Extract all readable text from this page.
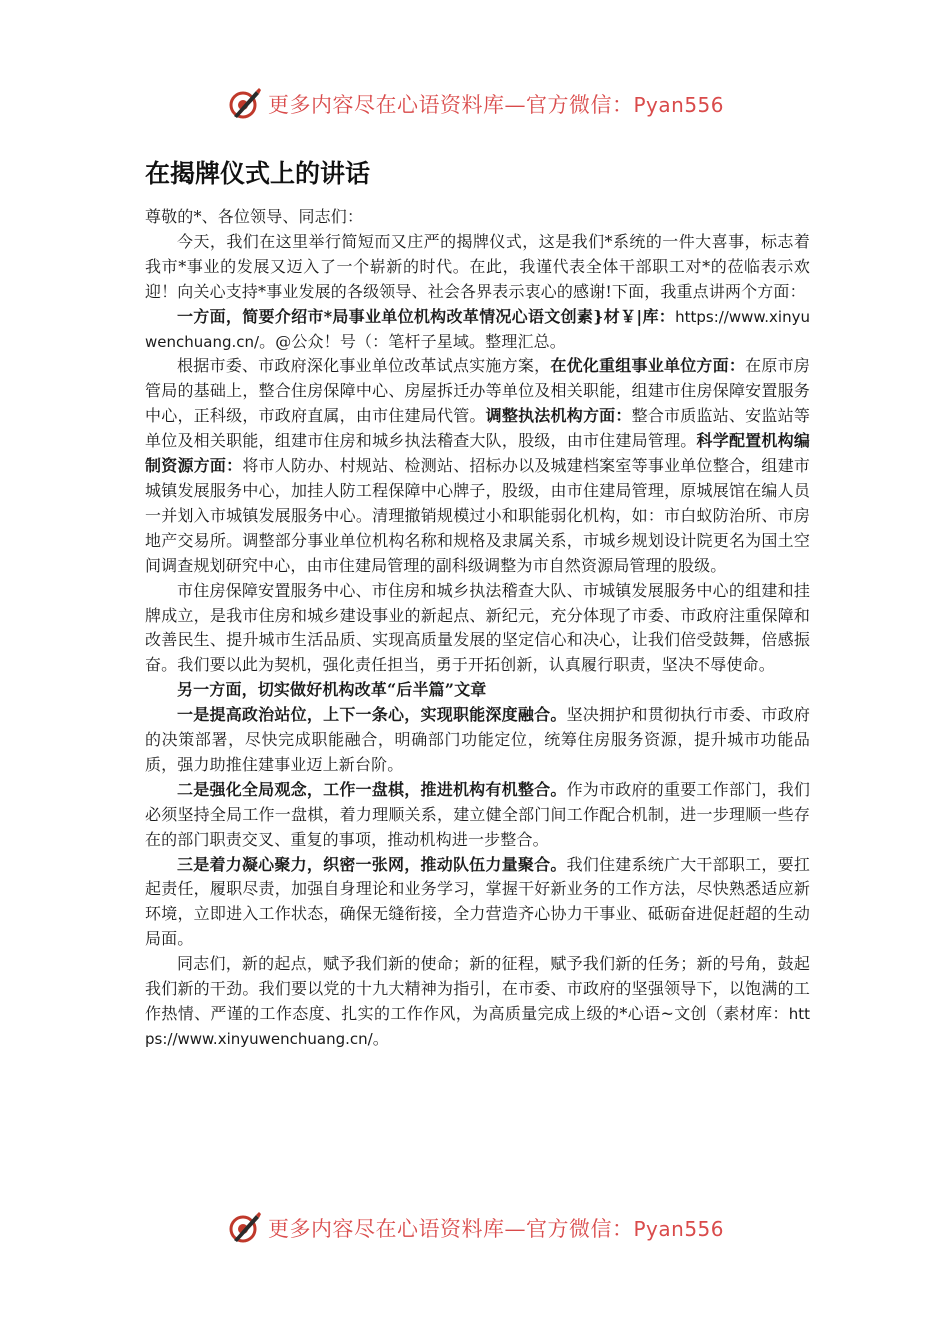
更多内容尽在心语资料库—官方微信：Pyan556
在揭牌仪式上的讲话

尊敬的*、各位领导、同志们：

今天，我们在这里举行简短而又庄严的揭牌仪式，这是我们*系统的一件大喜事，标志着我市*事业的发展又迈入了一个崭新的时代。在此，我谨代表全体干部职工对*的莅临表示欢迎！向关心支持*事业发展的各级领导、社会各界表示衷心的感谢!下面，我重点讲两个方面：

一方面，简要介绍市*局事业单位机构改革情况心语文创素}材￥|库：https://www.xinyuwenchuang.cn/。@公众！号（：笔杆子星域。整理汇总。

根据市委、市政府深化事业单位改革试点实施方案，在优化重组事业单位方面：在原市房管局的基础上，整合住房保障中心、房屋拆迁办等单位及相关职能，组建市住房保障安置服务中心，正科级，市政府直属，由市住建局代管。调整执法机构方面：整合市质监站、安监站等单位及相关职能，组建市住房和城乡执法稽查大队，股级，由市住建局管理。科学配置机构编制资源方面：将市人防办、村规站、检测站、招标办以及城建档案室等事业单位整合，组建市城镇发展服务中心，加挂人防工程保障中心牌子，股级，由市住建局管理，原城展馆在编人员一并划入市城镇发展服务中心。清理撤销规模过小和职能弱化机构，如：市白蚁防治所、市房地产交易所。调整部分事业单位机构名称和规格及隶属关系，市城乡规划设计院更名为国土空间调查规划研究中心，由市住建局管理的副科级调整为市自然资源局管理的股级。

市住房保障安置服务中心、市住房和城乡执法稽查大队、市城镇发展服务中心的组建和挂牌成立，是我市住房和城乡建设事业的新起点、新纪元，充分体现了市委、市政府注重保障和改善民生、提升城市生活品质、实现高质量发展的坚定信心和决心，让我们倍受鼓舞，倍感振奋。我们要以此为契机，强化责任担当，勇于开拓创新，认真履行职责，坚决不辱使命。

另一方面，切实做好机构改革“后半篇”文章

一是提高政治站位，上下一条心，实现职能深度融合。坚决拥护和贯彻执行市委、市政府的决策部署，尽快完成职能融合，明确部门功能定位，统筹住房服务资源，提升城市功能品质，强力助推住建事业迈上新台阶。

二是强化全局观念，工作一盘棋，推进机构有机整合。作为市政府的重要工作部门，我们必须坚持全局工作一盘棋，着力理顺关系，建立健全部门间工作配合机制，进一步理顺一些存在的部门职责交叉、重复的事项，推动机构进一步整合。

三是着力凝心聚力，织密一张网，推动队伍力量聚合。我们住建系统广大干部职工，要扛起责任，履职尽责，加强自身理论和业务学习，掌握干好新业务的工作方法，尽快熟悉适应新环境，立即进入工作状态，确保无缝衔接，全力营造齐心协力干事业、砥砺奋进促赶超的生动局面。

同志们，新的起点，赋予我们新的使命；新的征程，赋予我们新的任务；新的号角，鼓起我们新的干劲。我们要以党的十九大精神为指引，在市委、市政府的坚强领导下，以饱满的工作热情、严谨的工作态度、扎实的工作作风，为高质量完成上级的*心语~文创（素材库：https://www.xinyuwenchuang.cn/。

更多内容尽在心语资料库—官方微信：Pyan556
